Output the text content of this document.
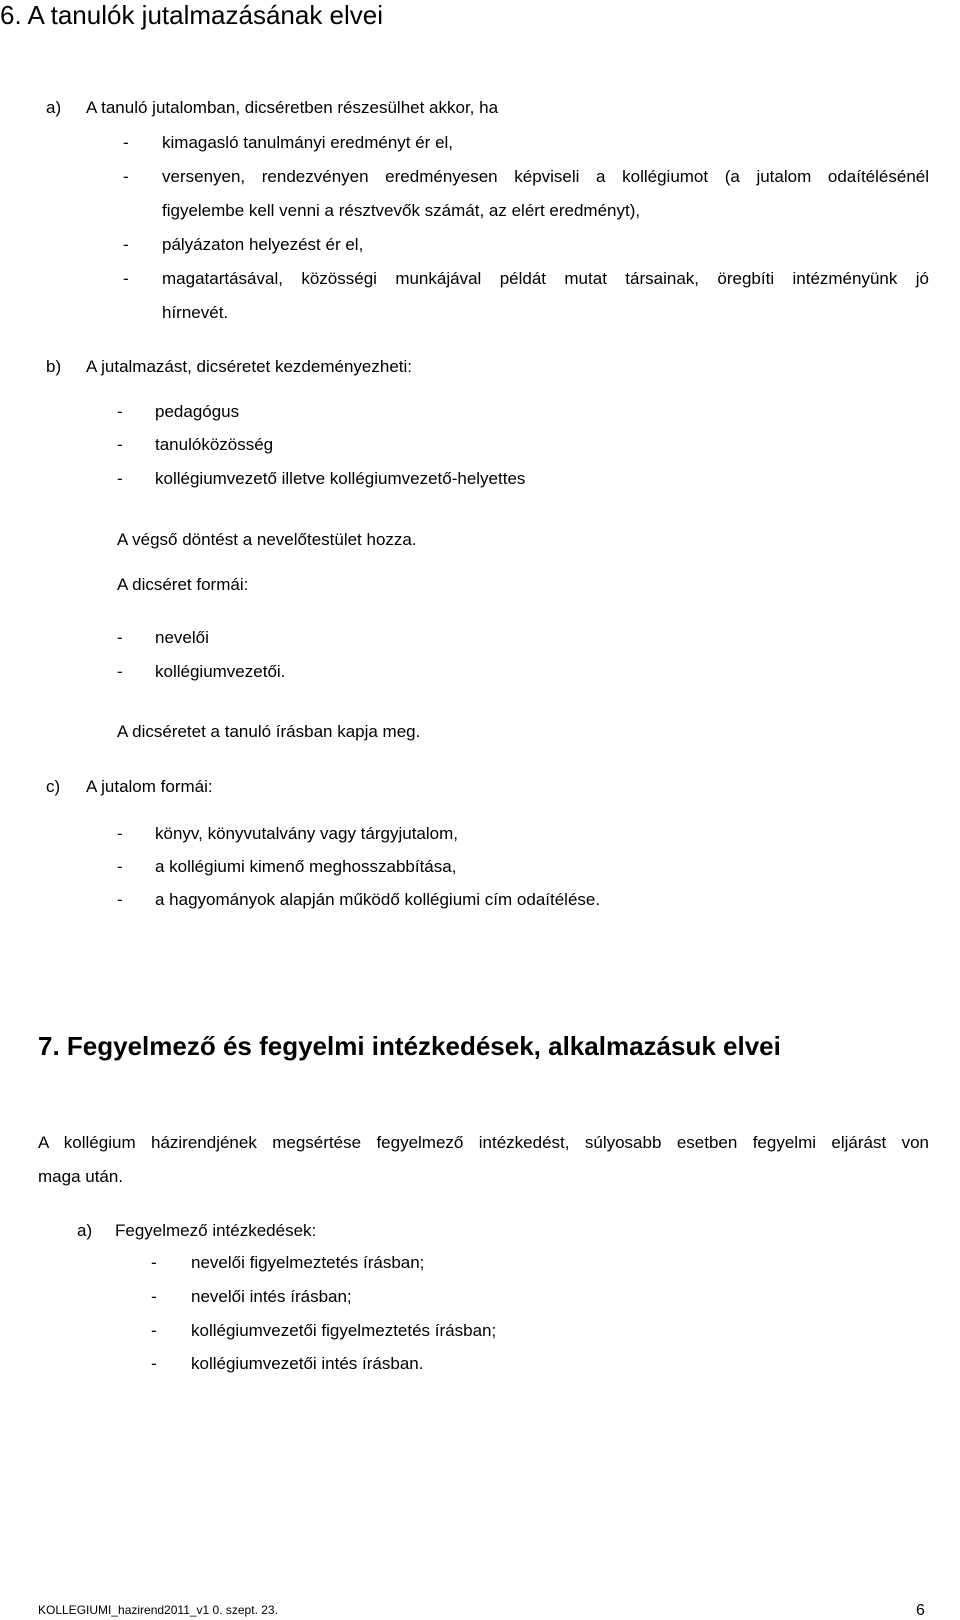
6. A tanulók jutalmazásának elvei
a) A tanuló jutalomban, dicséretben részesülhet akkor, ha
- kimagasló tanulmányi eredményt ér el,
- versenyen, rendezvényen eredményesen képviseli a kollégiumot (a jutalom odaítélésénél
figyelembe kell venni a résztvevők számát, az elért eredményt),
- pályázaton helyezést ér el,
- magatartásával, közösségi munkájával példát mutat társainak, öregbíti intézményünk jó
hírnevét.
b) A jutalmazást, dicséretet kezdeményezheti:
- pedagógus
- tanulóközösség
- kollégiumvezető illetve kollégiumvezető-helyettes
A végső döntést a nevelőtestület hozza.
A dicséret formái:
- nevelői
- kollégiumvezetői.
A dicséretet a tanuló írásban kapja meg.
c) A jutalom formái:
- könyv, könyvutalvány vagy tárgyjutalom,
- a kollégiumi kimenő meghosszabbítása,
- a hagyományok alapján működő kollégiumi cím odaítélése.
7. Fegyelmező és fegyelmi intézkedések, alkalmazásuk elvei
A kollégium házirendjének megsértése fegyelmező intézkedést, súlyosabb esetben fegyelmi eljárást von
maga után.
a) Fegyelmező intézkedések:
- nevelői figyelmeztetés írásban;
- nevelői intés írásban;
- kollégiumvezetői figyelmeztetés írásban;
- kollégiumvezetői intés írásban.
KOLLEGIUMI_hazirend2011_v1 0. szept. 23.	6
